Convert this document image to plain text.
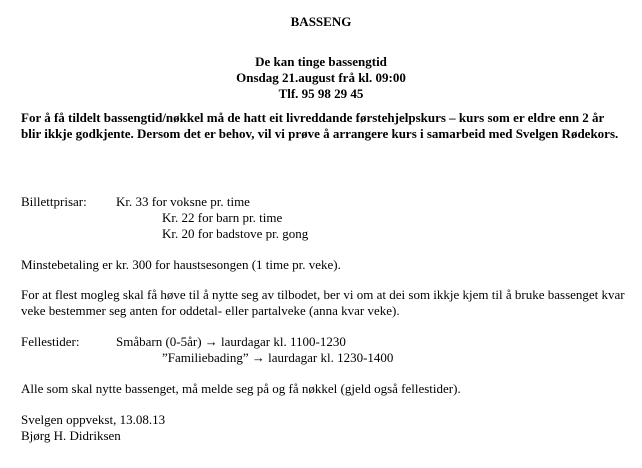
BASSENG
De kan tinge bassengtid
Onsdag 21.august frå kl. 09:00
Tlf. 95 98 29 45
For å få tildelt bassengtid/nøkkel må de hatt eit livreddande førstehjelpskurs – kurs som er eldre enn 2 år blir ikkje godkjente. Dersom det er behov, vil vi prøve å arrangere kurs i samarbeid med Svelgen Rødekors.
Billettprisar: Kr. 33 for voksne pr. time
Kr. 22 for barn pr. time
Kr. 20 for badstove pr. gong
Minstebetaling er kr. 300 for haustsesongen (1 time pr. veke).
For at flest mogleg skal få høve til å nytte seg av tilbodet, ber vi om at dei som ikkje kjem til å bruke bassenget kvar veke bestemmer seg anten for oddetal- eller partalveke (anna kvar veke).
Fellestider:	Småbarn (0-5år) → laurdagar kl. 1100-1230
”Familiebading” → laurdagar kl. 1230-1400
Alle som skal nytte bassenget, må melde seg på og få nøkkel (gjeld også fellestider).
Svelgen oppvekst, 13.08.13
Bjørg H. Didriksen
